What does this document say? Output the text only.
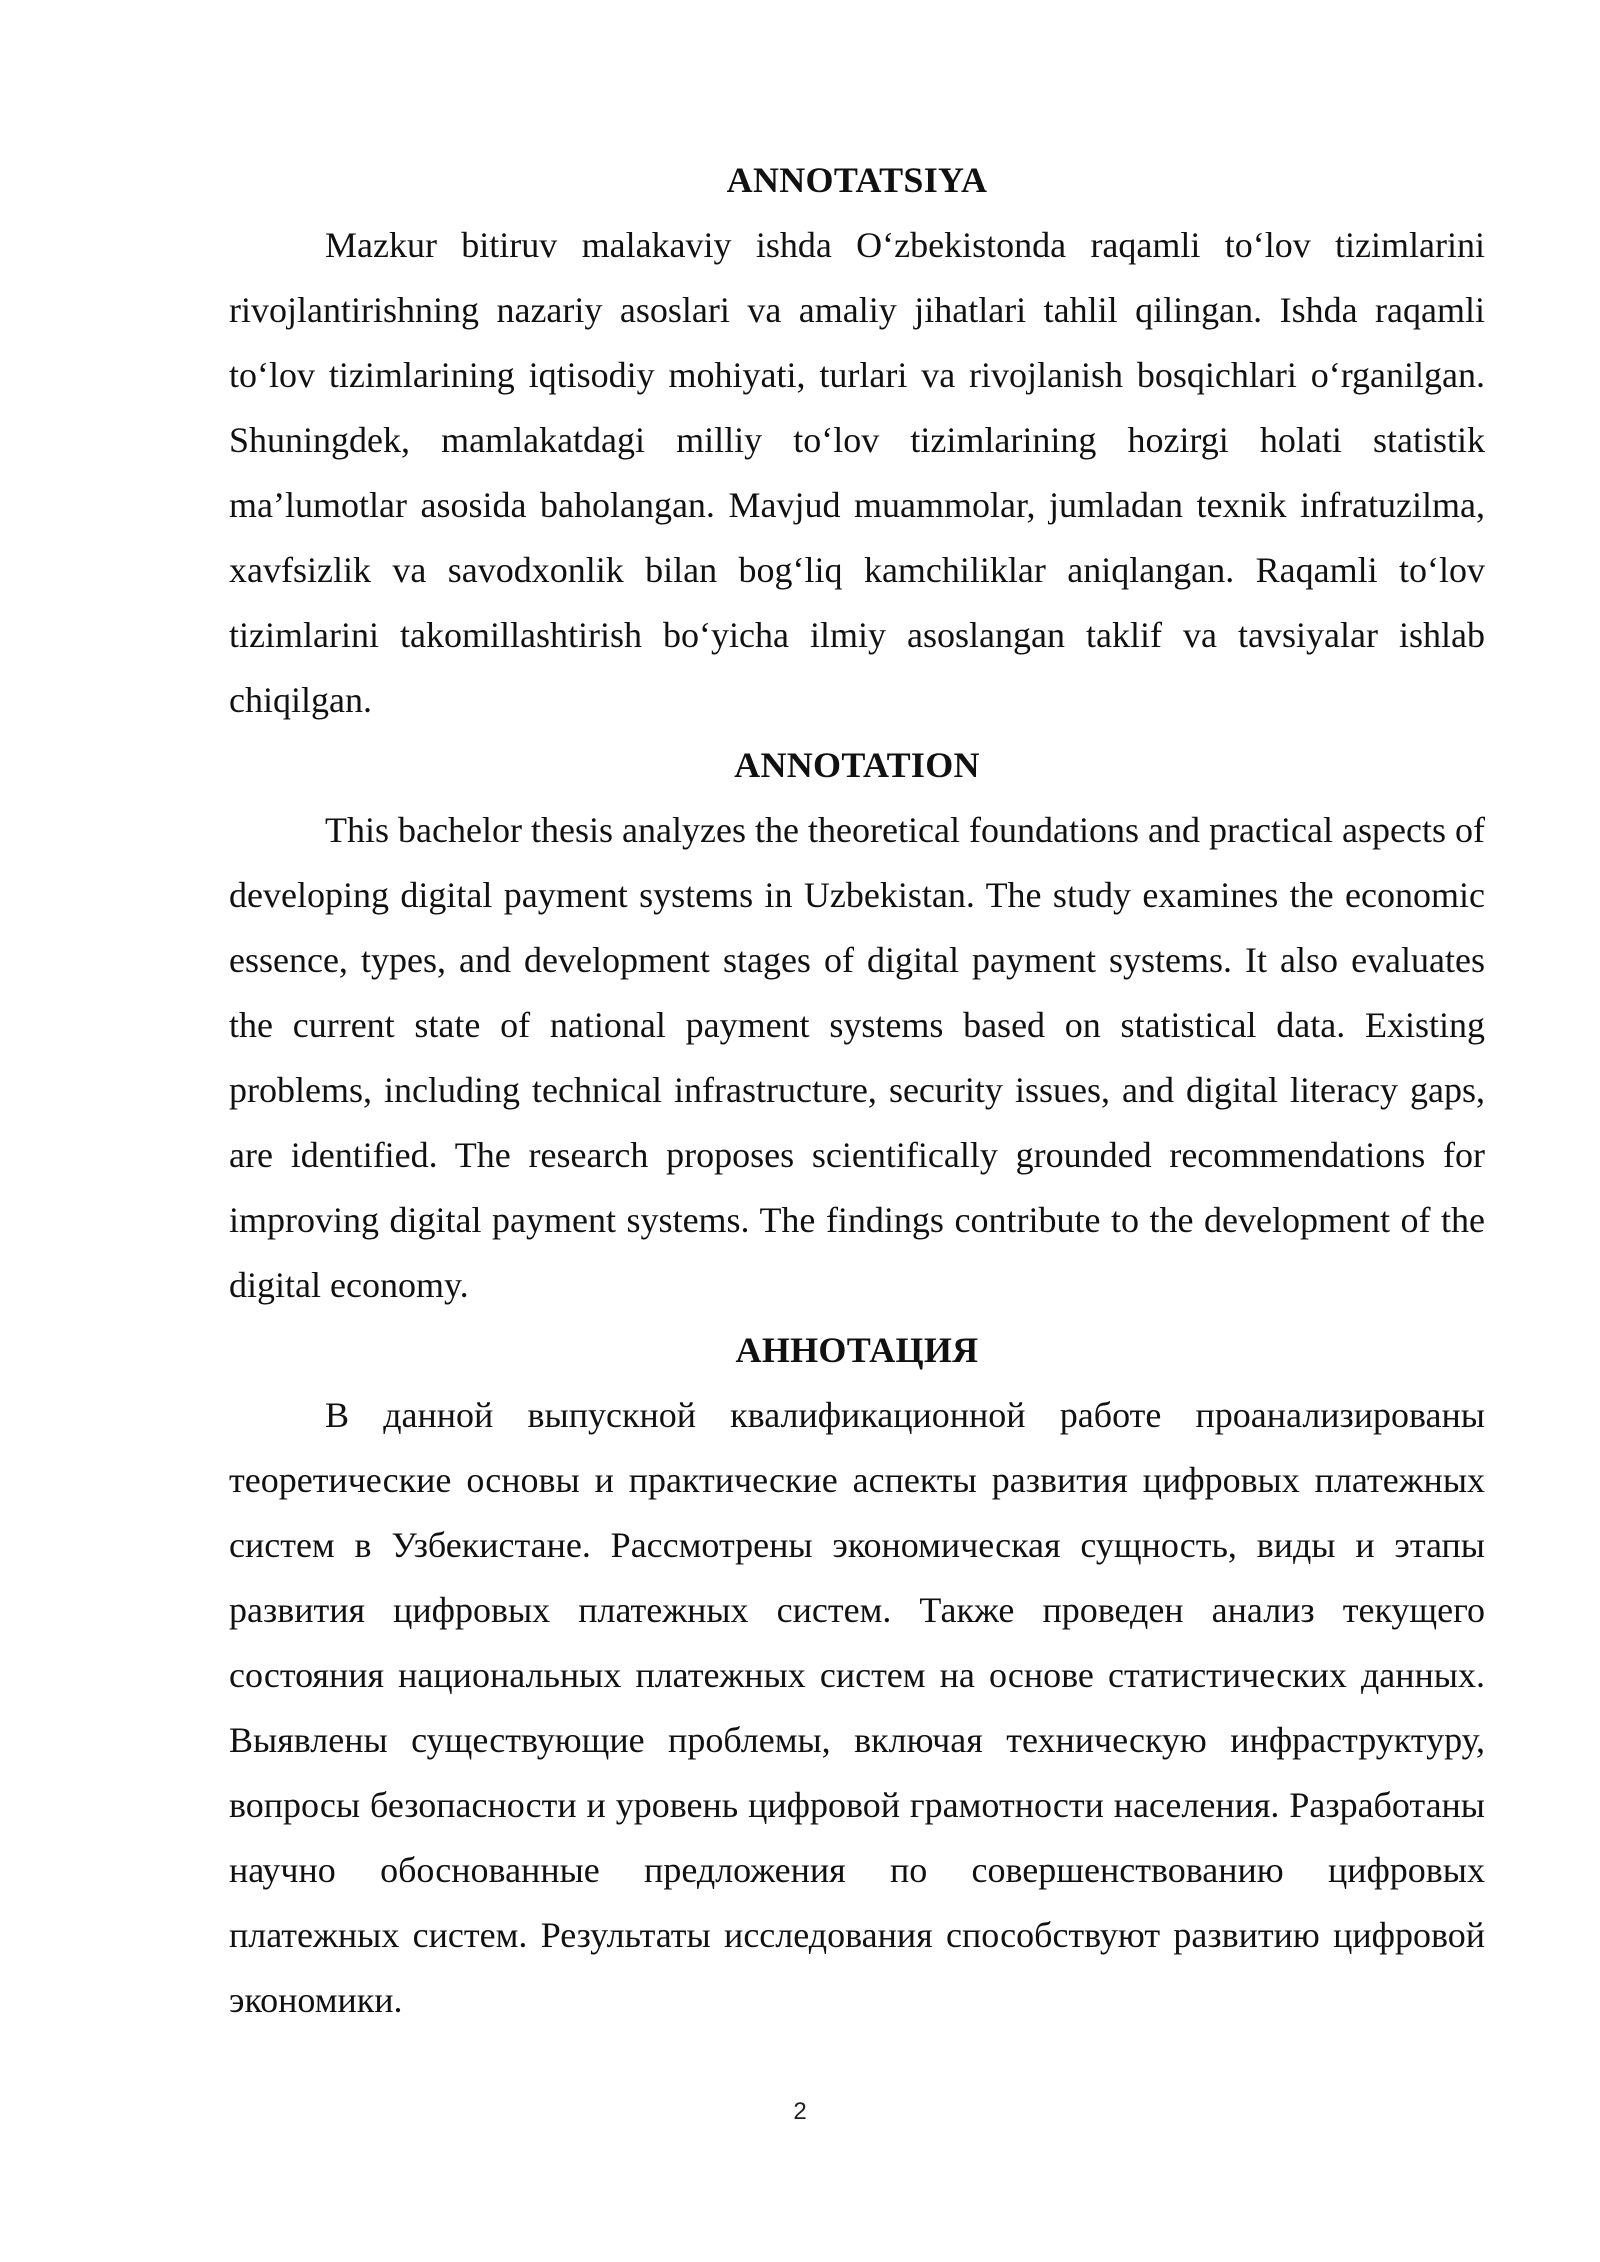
ANNOTATSIYA

Mazkur bitiruv malakaviy ishda O‘zbekistonda raqamli to‘lov tizimlarini rivojlantirishning nazariy asoslari va amaliy jihatlari tahlil qilingan. Ishda raqamli to‘lov tizimlarining iqtisodiy mohiyati, turlari va rivojlanish bosqichlari o‘rganilgan. Shuningdek, mamlakatdagi milliy to‘lov tizimlarining hozirgi holati statistik ma’lumotlar asosida baholangan. Mavjud muammolar, jumladan texnik infratuzilma, xavfsizlik va savodxonlik bilan bog‘liq kamchiliklar aniqlangan. Raqamli to‘lov tizimlarini takomillashtirish bo‘yicha ilmiy asoslangan taklif va tavsiyalar ishlab chiqilgan.

ANNOTATION

This bachelor thesis analyzes the theoretical foundations and practical aspects of developing digital payment systems in Uzbekistan. The study examines the economic essence, types, and development stages of digital payment systems. It also evaluates the current state of national payment systems based on statistical data. Existing problems, including technical infrastructure, security issues, and digital literacy gaps, are identified. The research proposes scientifically grounded recommendations for improving digital payment systems. The findings contribute to the development of the digital economy.

АННОТАЦИЯ

В данной выпускной квалификационной работе проанализированы теоретические основы и практические аспекты развития цифровых платежных систем в Узбекистане. Рассмотрены экономическая сущность, виды и этапы развития цифровых платежных систем. Также проведен анализ текущего состояния национальных платежных систем на основе статистических данных. Выявлены существующие проблемы, включая техническую инфраструктуру, вопросы безопасности и уровень цифровой грамотности населения. Разработаны научно обоснованные предложения по совершенствованию цифровых платежных систем. Результаты исследования способствуют развитию цифровой экономики.

2
